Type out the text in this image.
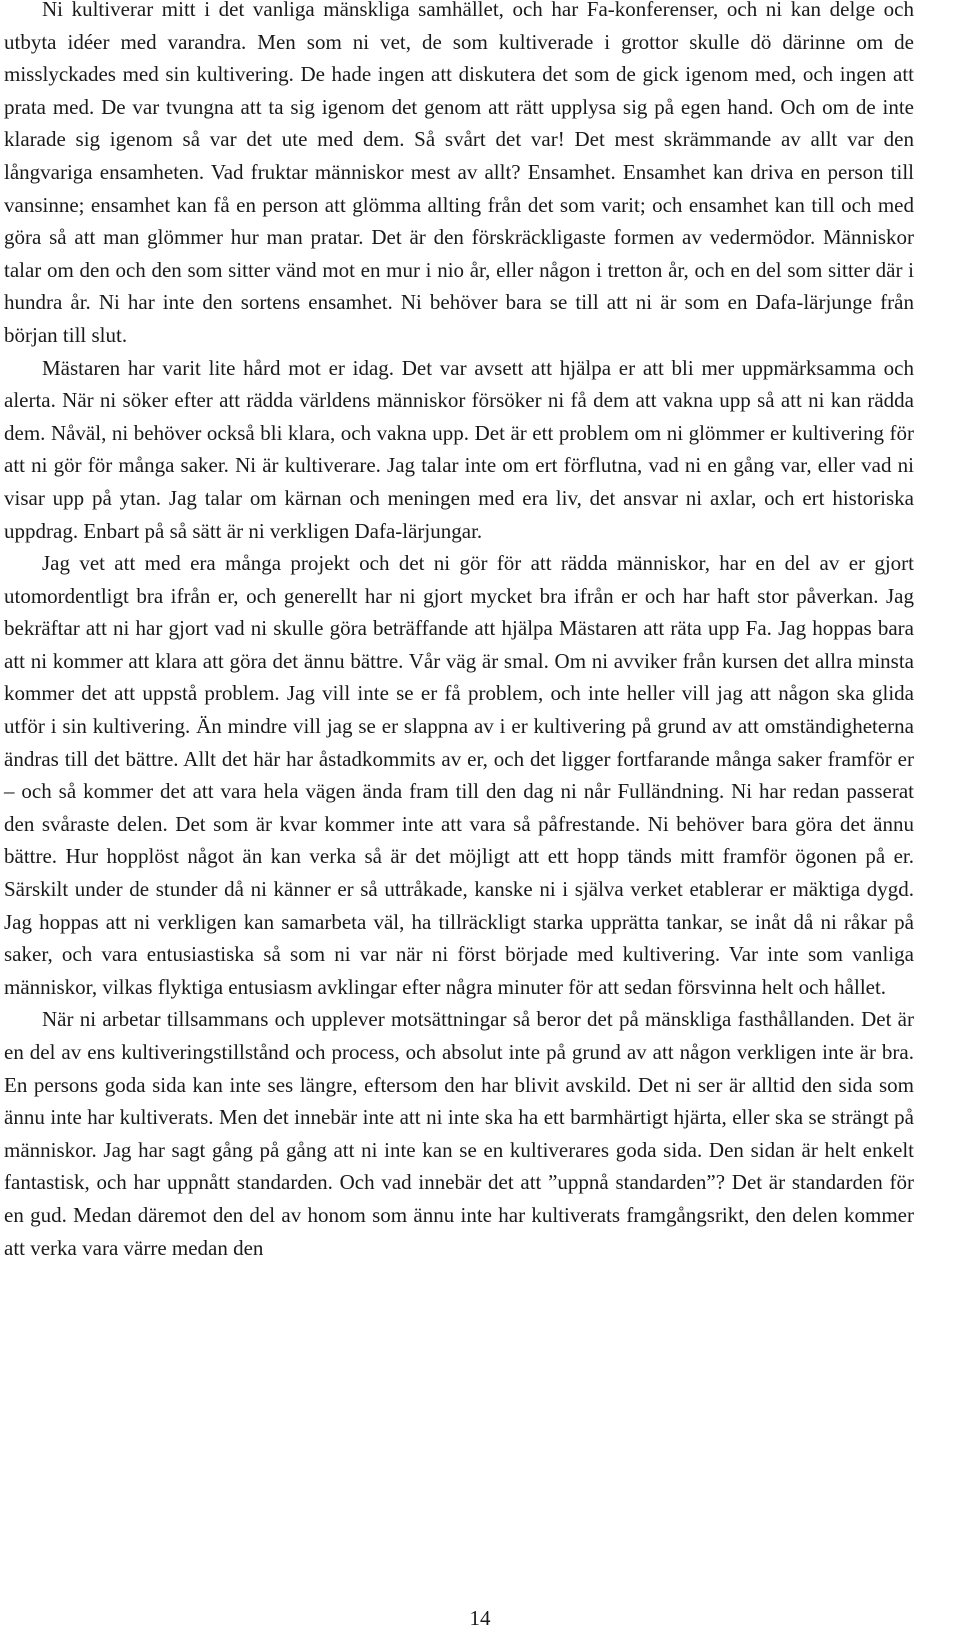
Ni kultiverar mitt i det vanliga mänskliga samhället, och har Fa-konferenser, och ni kan delge och utbyta idéer med varandra. Men som ni vet, de som kultiverade i grottor skulle dö därinne om de misslyckades med sin kultivering. De hade ingen att diskutera det som de gick igenom med, och ingen att prata med. De var tvungna att ta sig igenom det genom att rätt upplysa sig på egen hand. Och om de inte klarade sig igenom så var det ute med dem. Så svårt det var! Det mest skrämmande av allt var den långvariga ensamheten. Vad fruktar människor mest av allt? Ensamhet. Ensamhet kan driva en person till vansinne; ensamhet kan få en person att glömma allting från det som varit; och ensamhet kan till och med göra så att man glömmer hur man pratar. Det är den förskräckligaste formen av vedermödor. Människor talar om den och den som sitter vänd mot en mur i nio år, eller någon i tretton år, och en del som sitter där i hundra år. Ni har inte den sortens ensamhet. Ni behöver bara se till att ni är som en Dafa-lärjunge från början till slut.

Mästaren har varit lite hård mot er idag. Det var avsett att hjälpa er att bli mer uppmärksamma och alerta. När ni söker efter att rädda världens människor försöker ni få dem att vakna upp så att ni kan rädda dem. Nåväl, ni behöver också bli klara, och vakna upp. Det är ett problem om ni glömmer er kultivering för att ni gör för många saker. Ni är kultiverare. Jag talar inte om ert förflutna, vad ni en gång var, eller vad ni visar upp på ytan. Jag talar om kärnan och meningen med era liv, det ansvar ni axlar, och ert historiska uppdrag. Enbart på så sätt är ni verkligen Dafa-lärjungar.

Jag vet att med era många projekt och det ni gör för att rädda människor, har en del av er gjort utomordentligt bra ifrån er, och generellt har ni gjort mycket bra ifrån er och har haft stor påverkan. Jag bekräftar att ni har gjort vad ni skulle göra beträffande att hjälpa Mästaren att räta upp Fa. Jag hoppas bara att ni kommer att klara att göra det ännu bättre. Vår väg är smal. Om ni avviker från kursen det allra minsta kommer det att uppstå problem. Jag vill inte se er få problem, och inte heller vill jag att någon ska glida utför i sin kultivering. Än mindre vill jag se er slappna av i er kultivering på grund av att omständigheterna ändras till det bättre. Allt det här har åstadkommits av er, och det ligger fortfarande många saker framför er – och så kommer det att vara hela vägen ända fram till den dag ni når Fulländning. Ni har redan passerat den svåraste delen. Det som är kvar kommer inte att vara så påfrestande. Ni behöver bara göra det ännu bättre. Hur hopplöst något än kan verka så är det möjligt att ett hopp tänds mitt framför ögonen på er. Särskilt under de stunder då ni känner er så uttråkade, kanske ni i själva verket etablerar er mäktiga dygd. Jag hoppas att ni verkligen kan samarbeta väl, ha tillräckligt starka upprätta tankar, se inåt då ni råkar på saker, och vara entusiastiska så som ni var när ni först började med kultivering. Var inte som vanliga människor, vilkas flyktiga entusiasm avklingar efter några minuter för att sedan försvinna helt och hållet.

När ni arbetar tillsammans och upplever motsättningar så beror det på mänskliga fasthållanden. Det är en del av ens kultiveringstillstånd och process, och absolut inte på grund av att någon verkligen inte är bra. En persons goda sida kan inte ses längre, eftersom den har blivit avskild. Det ni ser är alltid den sida som ännu inte har kultiverats. Men det innebär inte att ni inte ska ha ett barmhärtigt hjärta, eller ska se strängt på människor. Jag har sagt gång på gång att ni inte kan se en kultiverares goda sida. Den sidan är helt enkelt fantastisk, och har uppnått standarden. Och vad innebär det att ”uppnå standarden”? Det är standarden för en gud. Medan däremot den del av honom som ännu inte har kultiverats framgångsrikt, den delen kommer att verka vara värre medan den

14
